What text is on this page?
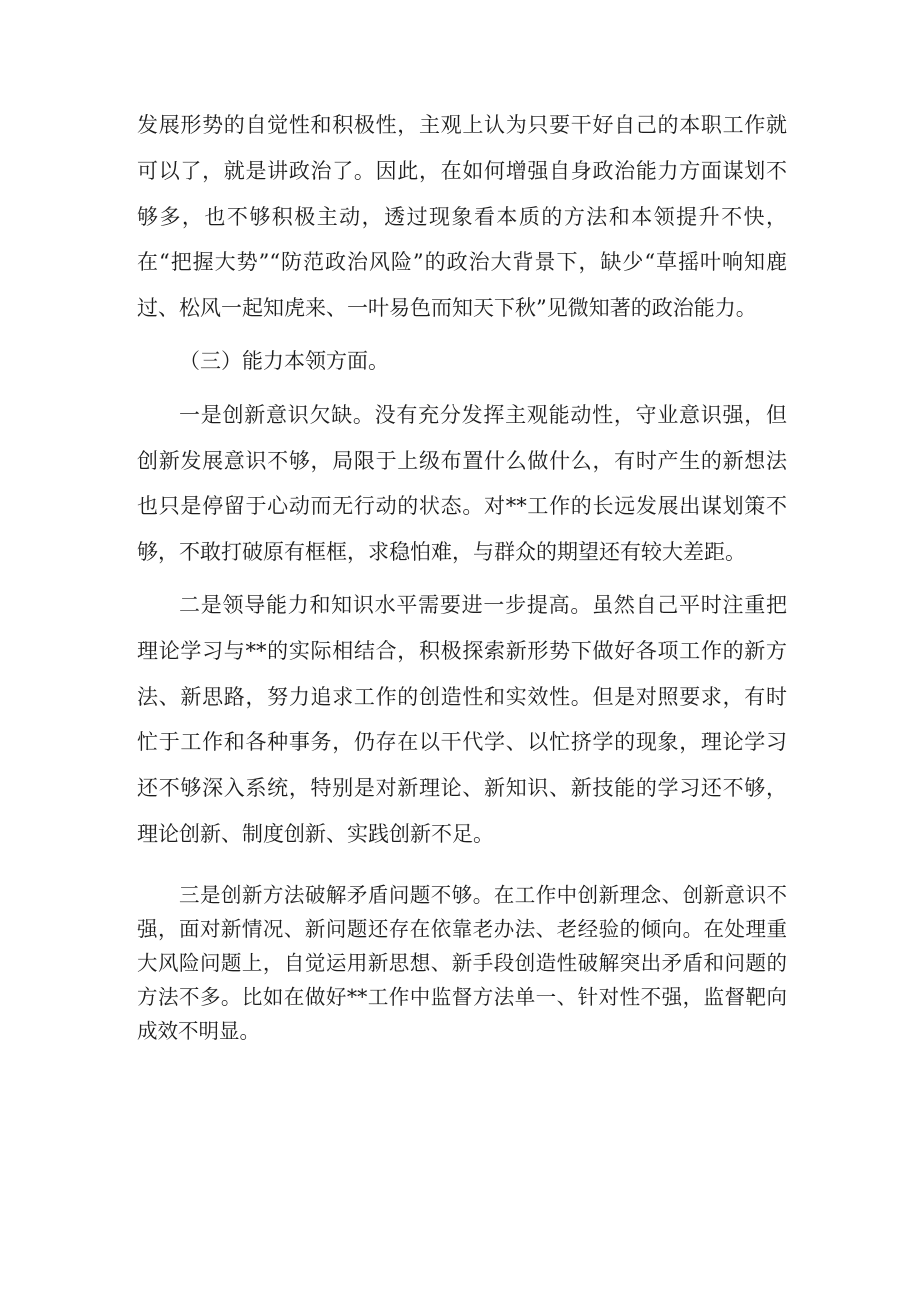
发展形势的自觉性和积极性，主观上认为只要干好自己的本职工作就可以了，就是讲政治了。因此，在如何增强自身政治能力方面谋划不够多，也不够积极主动，透过现象看本质的方法和本领提升不快，在“把握大势”“防范政治风险”的政治大背景下，缺少“草摇叶响知鹿过、松风一起知虎来、一叶易色而知天下秋”见微知著的政治能力。

（三）能力本领方面。

一是创新意识欠缺。没有充分发挥主观能动性，守业意识强，但创新发展意识不够，局限于上级布置什么做什么，有时产生的新想法也只是停留于心动而无行动的状态。对**工作的长远发展出谋划策不够，不敢打破原有框框，求稳怕难，与群众的期望还有较大差距。

二是领导能力和知识水平需要进一步提高。虽然自己平时注重把理论学习与**的实际相结合，积极探索新形势下做好各项工作的新方法、新思路，努力追求工作的创造性和实效性。但是对照要求，有时忙于工作和各种事务，仍存在以干代学、以忙挤学的现象，理论学习还不够深入系统，特别是对新理论、新知识、新技能的学习还不够，理论创新、制度创新、实践创新不足。

三是创新方法破解矛盾问题不够。在工作中创新理念、创新意识不强，面对新情况、新问题还存在依靠老办法、老经验的倾向。在处理重大风险问题上，自觉运用新思想、新手段创造性破解突出矛盾和问题的方法不多。比如在做好**工作中监督方法单一、针对性不强，监督靶向成效不明显。
